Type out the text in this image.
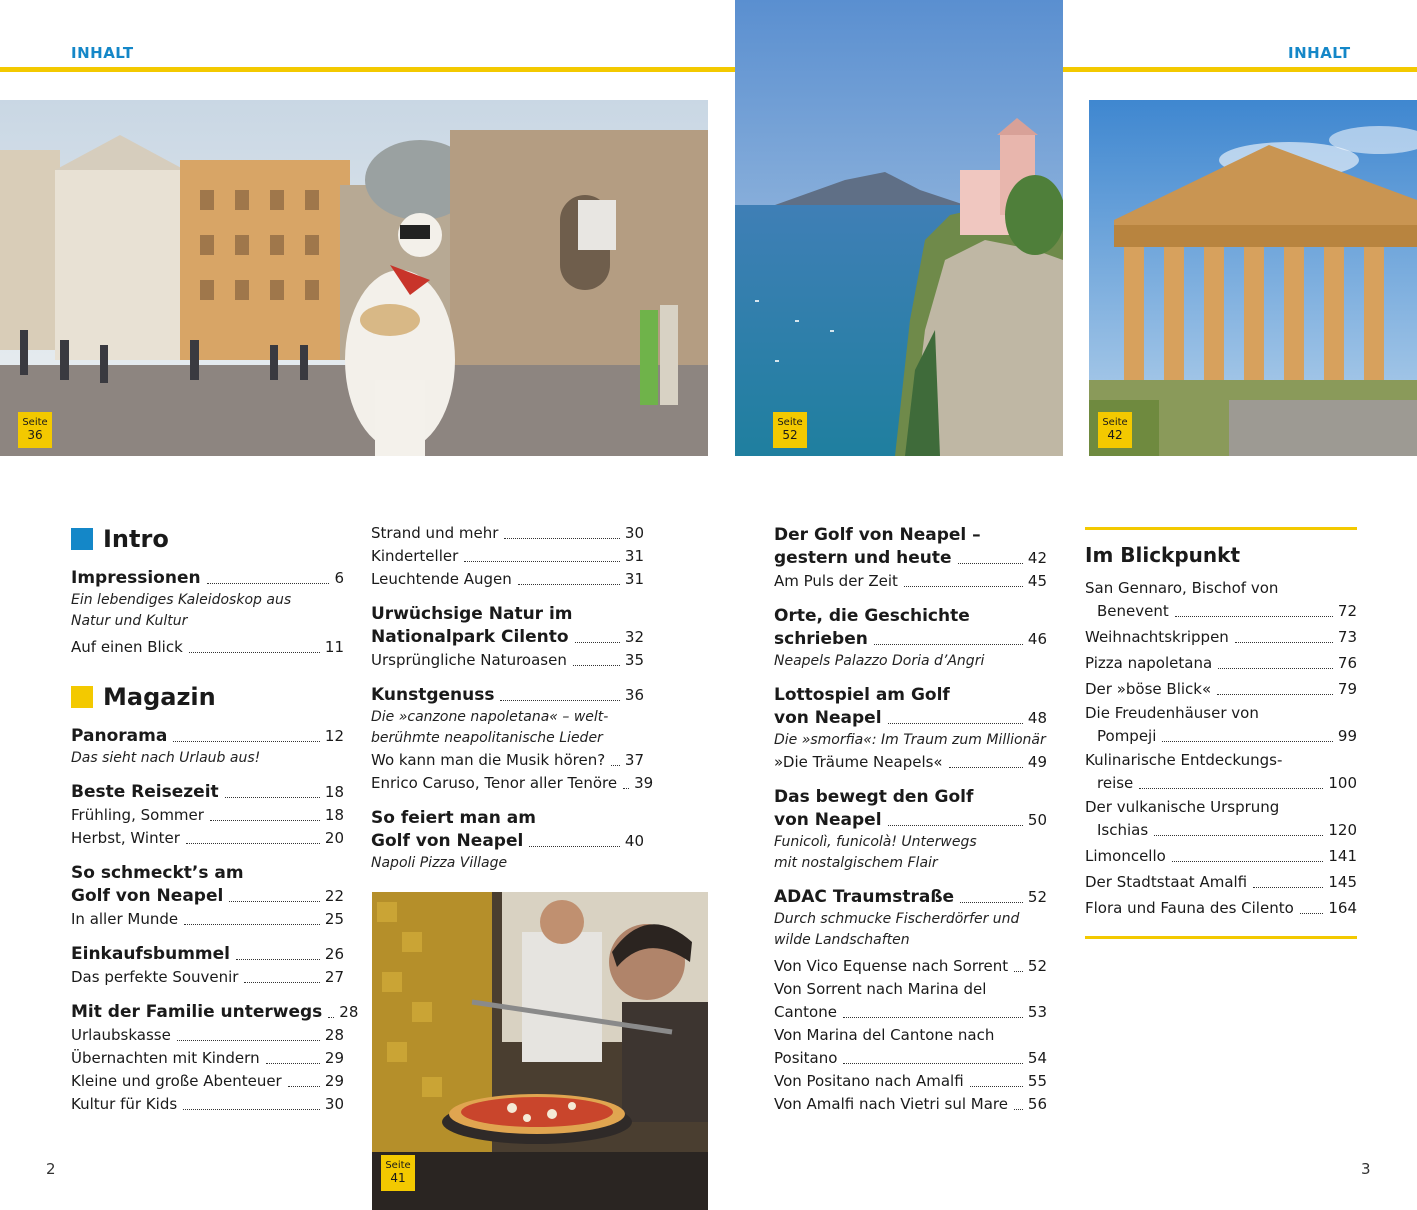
INHALT	INHALT
Seite
36
Seite
52
Seite
42
Seite
41
Intro
Impressionen	6
Ein lebendiges Kaleidoskop aus
Natur und Kultur
Auf einen Blick	11
Magazin
Panorama	12
Das sieht nach Urlaub aus!
Beste Reisezeit	18
Frühling, Sommer	18
Herbst, Winter	20
So schmeckt’s am
Golf von Neapel	22
In aller Munde	25
Einkaufsbummel	26
Das perfekte Souvenir	27
Mit der Familie unterwegs 28
Urlaubskasse	28
Übernachten mit Kindern	29
Kleine und große Abenteuer	29
Kultur für Kids	30
Strand und mehr	30
Kinderteller	31
Leuchtende Augen	31
Urwüchsige Natur im
Nationalpark Cilento	32
Ursprüngliche Naturoasen	35
Kunstgenuss	36
Die »canzone napoletana« – welt-
berühmte neapolitanische Lieder
Wo kann man die Musik hören? 37
Enrico Caruso, Tenor aller Tenöre 39
So feiert man am
Golf von Neapel	40
Napoli Pizza Village
Der Golf von Neapel –
gestern und heute	42
Am Puls der Zeit	45
Orte, die Geschichte
schrieben	46
Neapels Palazzo Doria d’Angri
Lottospiel am Golf
von Neapel	48
Die »smorfia«: Im Traum zum Millionär
»Die Träume Neapels«	49
Das bewegt den Golf
von Neapel	50
Funicolì, funicolà! Unterwegs
mit nostalgischem Flair
ADAC Traumstraße	52
Durch schmucke Fischerdörfer und
wilde Landschaften
Von Vico Equense nach Sorrent 52
Von Sorrent nach Marina del
Cantone	53
Von Marina del Cantone nach
Positano	54
Von Positano nach Amalfi	55
Von Amalfi nach Vietri sul Mare 56
Im Blickpunkt
San Gennaro, Bischof von
Benevent	72
Weihnachtskrippen	73
Pizza napoletana	76
Der »böse Blick«	79
Die Freudenhäuser von
Pompeji	99
Kulinarische Entdeckungs-
reise	100
Der vulkanische Ursprung
Ischias	120
Limoncello	141
Der Stadtstaat Amalfi	145
Flora und Fauna des Cilento 164
2	3
